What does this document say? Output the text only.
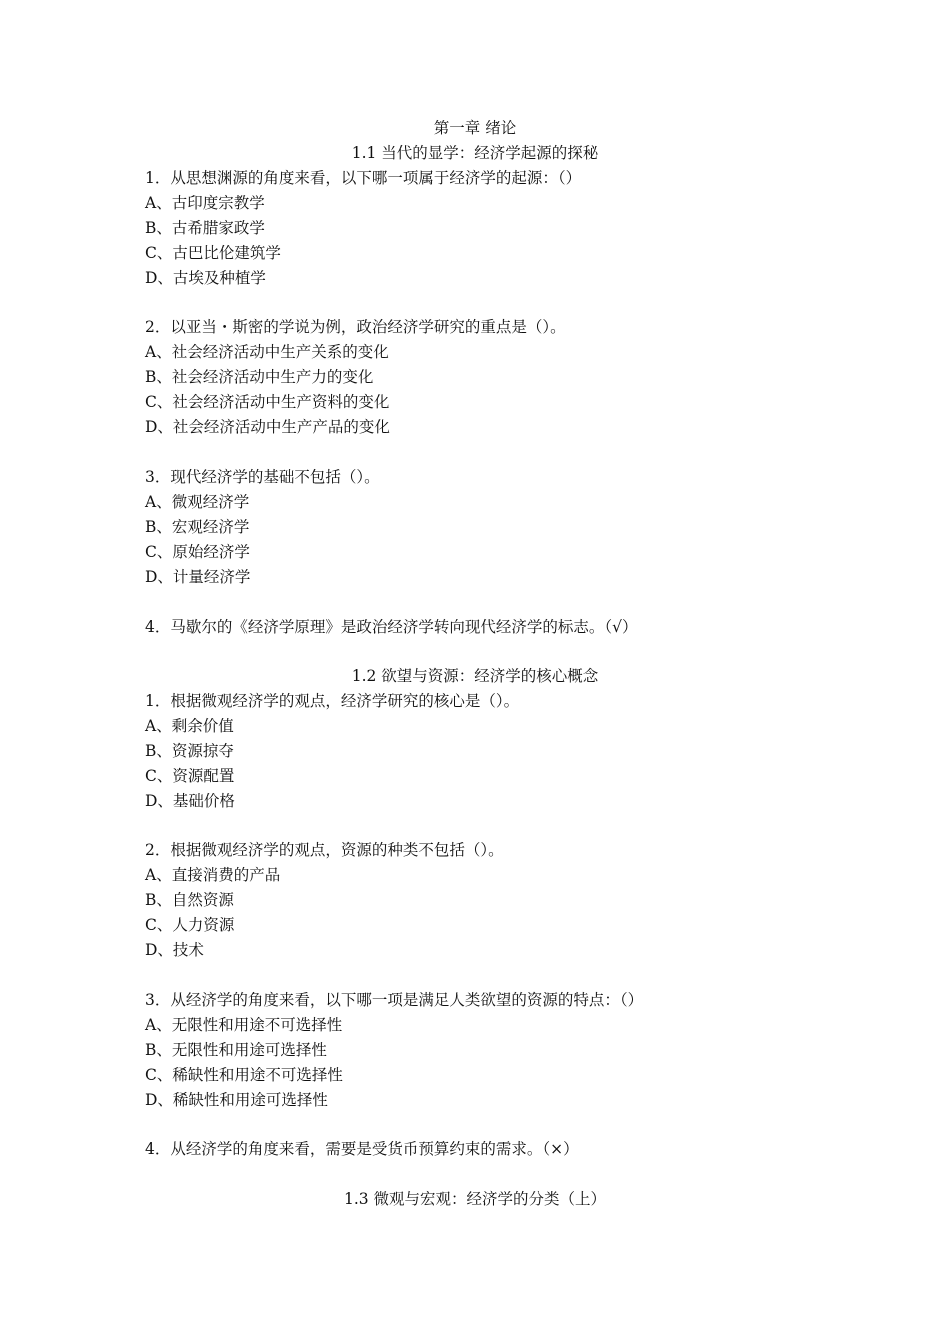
第一章 绪论
1.1 当代的显学：经济学起源的探秘
1．从思想渊源的角度来看，以下哪一项属于经济学的起源：（）
A、古印度宗教学
B、古希腊家政学
C、古巴比伦建筑学
D、古埃及种植学
2．以亚当・斯密的学说为例，政治经济学研究的重点是（）。
A、社会经济活动中生产关系的变化
B、社会经济活动中生产力的变化
C、社会经济活动中生产资料的变化
D、社会经济活动中生产产品的变化
3．现代经济学的基础不包括（）。
A、微观经济学
B、宏观经济学
C、原始经济学
D、计量经济学
4．马歇尔的《经济学原理》是政治经济学转向现代经济学的标志。（√）
1.2 欲望与资源：经济学的核心概念
1．根据微观经济学的观点，经济学研究的核心是（）。
A、剩余价值
B、资源掠夺
C、资源配置
D、基础价格
2．根据微观经济学的观点，资源的种类不包括（）。
A、直接消费的产品
B、自然资源
C、人力资源
D、技术
3．从经济学的角度来看，以下哪一项是满足人类欲望的资源的特点：（）
A、无限性和用途不可选择性
B、无限性和用途可选择性
C、稀缺性和用途不可选择性
D、稀缺性和用途可选择性
4．从经济学的角度来看，需要是受货币预算约束的需求。（×）
1.3 微观与宏观：经济学的分类（上）
